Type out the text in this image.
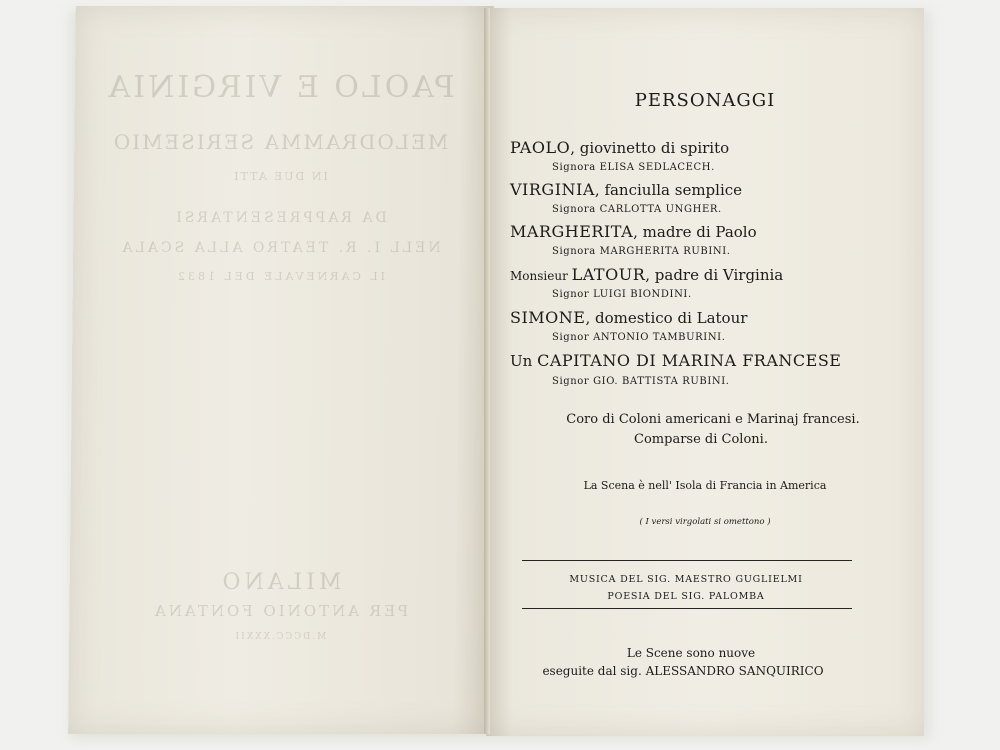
PAOLO E VIRGINIA
MELODRAMMA SERISEMIO
IN DUE ATTI
DA RAPPRESENTARSI
NELL I. R. TEATRO ALLA SCALA
IL CARNEVALE DEL 1832
MILANO
PER ANTONIO FONTANA
M.DCCC.XXXII
PERSONAGGI
PAOLO, giovinetto di spirito
Signora ELISA SEDLACECH.
VIRGINIA, fanciulla semplice
Signora CARLOTTA UNGHER.
MARGHERITA, madre di Paolo
Signora MARGHERITA RUBINI.
Monsieur LATOUR, padre di Virginia
Signor LUIGI BIONDINI.
SIMONE, domestico di Latour
Signor ANTONIO TAMBURINI.
Un CAPITANO DI MARINA FRANCESE
Signor GIO. BATTISTA RUBINI.
Coro di Coloni americani e Marinaj francesi.
Comparse di Coloni.
La Scena è nell' Isola di Francia in America
( I versi virgolati si omettono )
MUSICA DEL SIG. MAESTRO GUGLIELMI
POESIA DEL SIG. PALOMBA
Le Scene sono nuove
eseguite dal sig. ALESSANDRO SANQUIRICO
